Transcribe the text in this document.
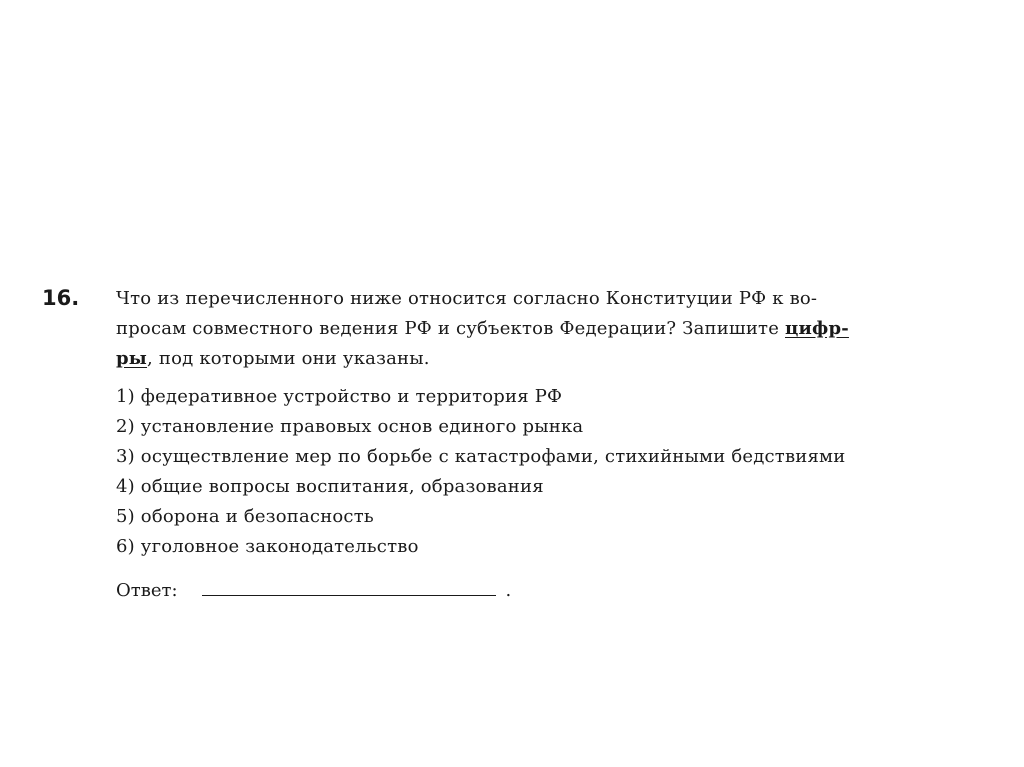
16. Что из перечисленного ниже относится согласно Конституции РФ к во-
просам совместного ведения РФ и субъектов Федерации? Запишите цифр-
ры, под которыми они указаны.
1) федеративное устройство и территория РФ
2) установление правовых основ единого рынка
3) осуществление мер по борьбе с катастрофами, стихийными бедствиями
4) общие вопросы воспитания, образования
5) оборона и безопасность
6) уголовное законодательство
Ответ:	.
